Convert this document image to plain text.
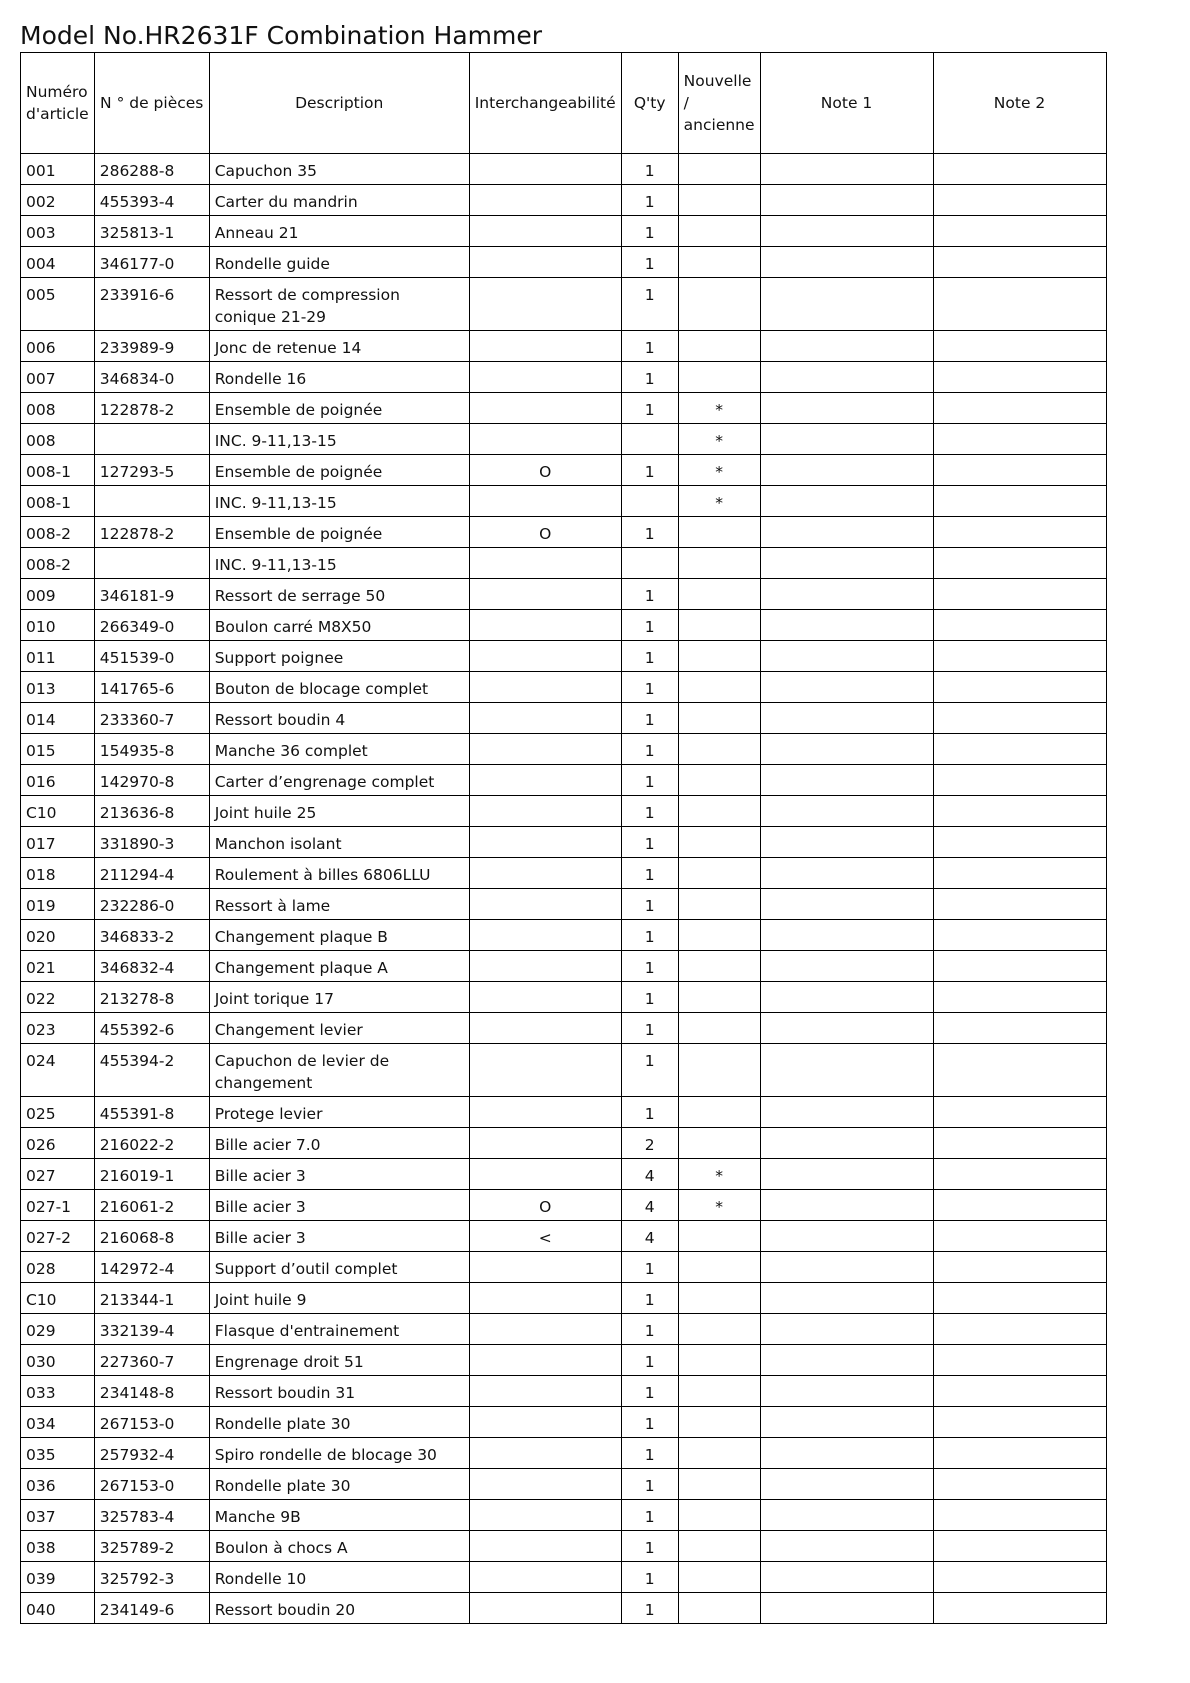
Model No.HR2631F Combination Hammer
Numéro d'article	N ° de pièces	Description	Interchangeabilité	Q'ty	Nouvelle / ancienne	Note 1	Note 2
001	286288-8	Capuchon 35		1			
002	455393-4	Carter du mandrin		1			
003	325813-1	Anneau 21		1			
004	346177-0	Rondelle guide		1			
005	233916-6	Ressort de compression conique 21-29		1			
006	233989-9	Jonc de retenue 14		1			
007	346834-0	Rondelle 16		1			
008	122878-2	Ensemble de poignée		1	*		
008		INC. 9-11,13-15			*		
008-1	127293-5	Ensemble de poignée	O	1	*		
008-1		INC. 9-11,13-15			*		
008-2	122878-2	Ensemble de poignée	O	1			
008-2		INC. 9-11,13-15					
009	346181-9	Ressort de serrage 50		1			
010	266349-0	Boulon carré M8X50		1			
011	451539-0	Support poignee		1			
013	141765-6	Bouton de blocage complet		1			
014	233360-7	Ressort boudin 4		1			
015	154935-8	Manche 36 complet		1			
016	142970-8	Carter d’engrenage complet		1			
C10	213636-8	Joint huile 25		1			
017	331890-3	Manchon isolant		1			
018	211294-4	Roulement à billes 6806LLU		1			
019	232286-0	Ressort à lame		1			
020	346833-2	Changement plaque B		1			
021	346832-4	Changement plaque A		1			
022	213278-8	Joint torique 17		1			
023	455392-6	Changement levier		1			
024	455394-2	Capuchon de levier de changement		1			
025	455391-8	Protege levier		1			
026	216022-2	Bille acier 7.0		2			
027	216019-1	Bille acier 3		4	*		
027-1	216061-2	Bille acier 3	O	4	*		
027-2	216068-8	Bille acier 3	<	4			
028	142972-4	Support d’outil complet		1			
C10	213344-1	Joint huile 9		1			
029	332139-4	Flasque d'entrainement		1			
030	227360-7	Engrenage droit 51		1			
033	234148-8	Ressort boudin 31		1			
034	267153-0	Rondelle plate 30		1			
035	257932-4	Spiro rondelle de blocage 30		1			
036	267153-0	Rondelle plate 30		1			
037	325783-4	Manche 9B		1			
038	325789-2	Boulon à chocs A		1			
039	325792-3	Rondelle 10		1			
040	234149-6	Ressort boudin 20		1			
